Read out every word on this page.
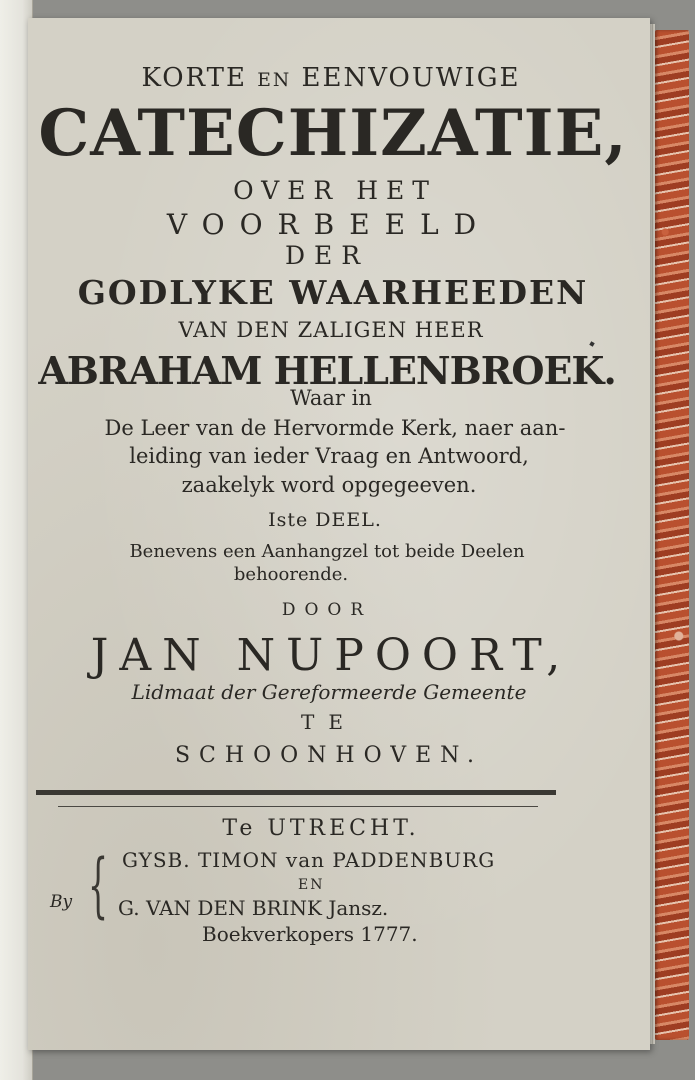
KORTE EN EENVOUWIGE
CATECHIZATIE,
OVER HET
VOORBEELD
DER
GODLYKE WAARHEEDEN
VAN DEN ZALIGEN HEER
ABRAHAM HELLENBROEK.
Waar in
De Leer van de Hervormde Kerk, naer aan-
leiding van ieder Vraag en Antwoord,
zaakelyk word opgegeeven.
Iste DEEL.
Benevens een Aanhangzel tot beide Deelen
behoorende.
DOOR
JAN NUPOORT,
Lidmaat der Gereformeerde Gemeente
TE
SCHOONHOVEN.
Te UTRECHT.
By { GYSB. TIMON van PADDENBURG
EN
G. VAN DEN BRINK Jansz.
Boekverkopers 1777.
